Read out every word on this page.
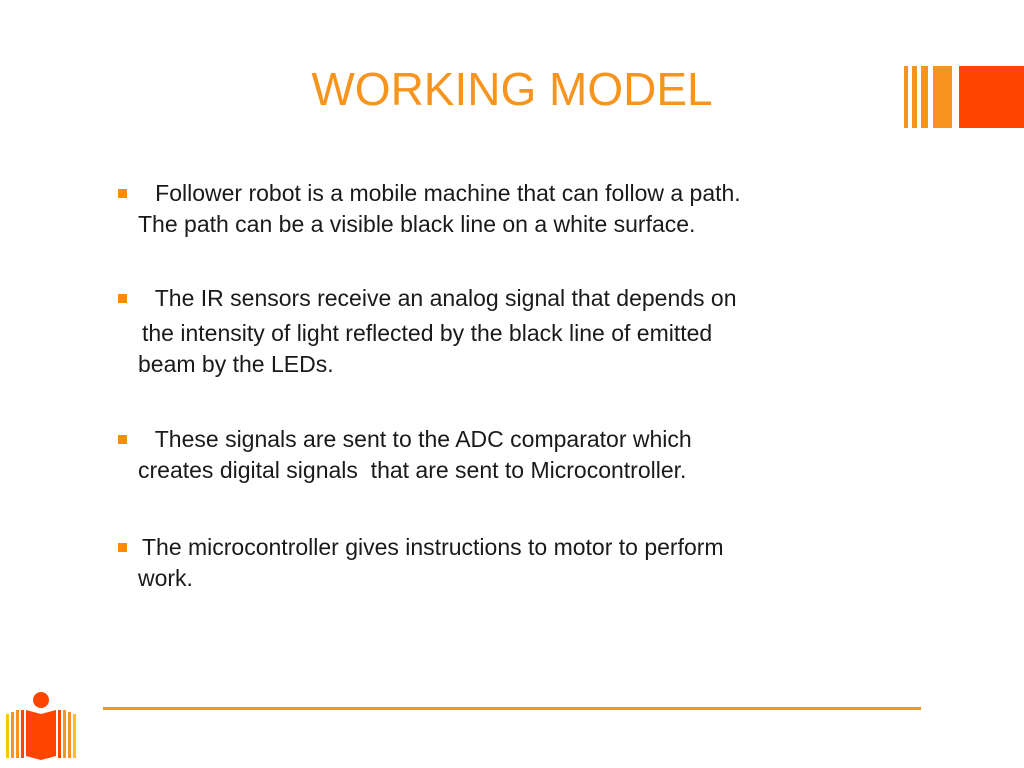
WORKING MODEL
Follower robot is a mobile machine that can follow a path.
The path can be a visible black line on a white surface.
The IR sensors receive an analog signal that depends on
the intensity of light reflected by the black line of emitted
beam by the LEDs.
These signals are sent to the ADC comparator which
creates digital signals  that are sent to Microcontroller.
The microcontroller gives instructions to motor to perform
work.
